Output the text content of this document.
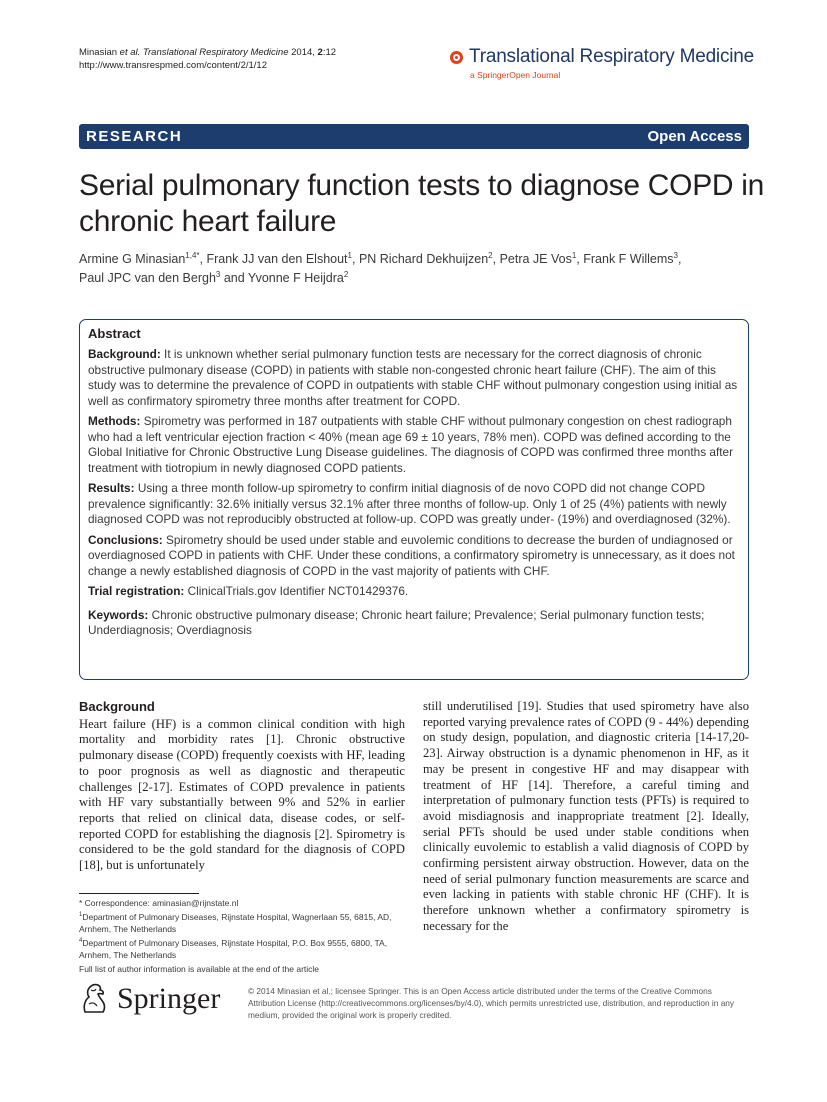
Minasian et al. Translational Respiratory Medicine 2014, 2:12
http://www.transrespmed.com/content/2/1/12	Translational Respiratory Medicine
a SpringerOpen Journal
RESEARCH	Open Access
Serial pulmonary function tests to diagnose COPD in chronic heart failure
Armine G Minasian$^{1,4*}$, Frank JJ van den Elshout$^1$, PN Richard Dekhuijzen$^2$, Petra JE Vos$^1$, Frank F Willems$^3$,
Paul JPC van den Bergh$^3$ and Yvonne F Heijdra$^2$
Abstract

Background: It is unknown whether serial pulmonary function tests are necessary for the correct diagnosis of chronic obstructive pulmonary disease (COPD) in patients with stable non-congested chronic heart failure (CHF). The aim of this study was to determine the prevalence of COPD in outpatients with stable CHF without pulmonary congestion using initial as well as confirmatory spirometry three months after treatment for COPD.

Methods: Spirometry was performed in 187 outpatients with stable CHF without pulmonary congestion on chest radiograph who had a left ventricular ejection fraction < 40% (mean age 69 ± 10 years, 78% men). COPD was defined according to the Global Initiative for Chronic Obstructive Lung Disease guidelines. The diagnosis of COPD was confirmed three months after treatment with tiotropium in newly diagnosed COPD patients.

Results: Using a three month follow-up spirometry to confirm initial diagnosis of de novo COPD did not change COPD prevalence significantly: 32.6% initially versus 32.1% after three months of follow-up. Only 1 of 25 (4%) patients with newly diagnosed COPD was not reproducibly obstructed at follow-up. COPD was greatly under- (19%) and overdiagnosed (32%).

Conclusions: Spirometry should be used under stable and euvolemic conditions to decrease the burden of undiagnosed or overdiagnosed COPD in patients with CHF. Under these conditions, a confirmatory spirometry is unnecessary, as it does not change a newly established diagnosis of COPD in the vast majority of patients with CHF.

Trial registration: ClinicalTrials.gov Identifier NCT01429376.

Keywords: Chronic obstructive pulmonary disease; Chronic heart failure; Prevalence; Serial pulmonary function tests; Underdiagnosis; Overdiagnosis

Background

Heart failure (HF) is a common clinical condition with high mortality and morbidity rates [1]. Chronic obstructive pulmonary disease (COPD) frequently coexists with HF, leading to poor prognosis as well as diagnostic and therapeutic challenges [2-17]. Estimates of COPD prevalence in patients with HF vary substantially between 9% and 52% in earlier reports that relied on clinical data, disease codes, or self-reported COPD for establishing the diagnosis [2]. Spirometry is considered to be the gold standard for the diagnosis of COPD [18], but is unfortunately

still underutilised [19]. Studies that used spirometry have also reported varying prevalence rates of COPD (9 - 44%) depending on study design, population, and diagnostic criteria [14-17,20-23]. Airway obstruction is a dynamic phenomenon in HF, as it may be present in congestive HF and may disappear with treatment of HF [14]. Therefore, a careful timing and interpretation of pulmonary function tests (PFTs) is required to avoid misdiagnosis and inappropriate treatment [2]. Ideally, serial PFTs should be used under stable conditions when clinically euvolemic to establish a valid diagnosis of COPD by confirming persistent airway obstruction. However, data on the need of serial pulmonary function measurements are scarce and even lacking in patients with stable chronic HF (CHF). It is therefore unknown whether a confirmatory spirometry is necessary for the

* Correspondence: aminasian@rijnstate.nl
$^1$Department of Pulmonary Diseases, Rijnstate Hospital, Wagnerlaan 55, 6815, AD, Arnhem, The Netherlands
$^4$Department of Pulmonary Diseases, Rijnstate Hospital, P.O. Box 9555, 6800, TA, Arnhem, The Netherlands
Full list of author information is available at the end of the article
Springer	© 2014 Minasian et al.; licensee Springer. This is an Open Access article distributed under the terms of the Creative Commons Attribution License (http://creativecommons.org/licenses/by/4.0), which permits unrestricted use, distribution, and reproduction in any medium, provided the original work is properly credited.
